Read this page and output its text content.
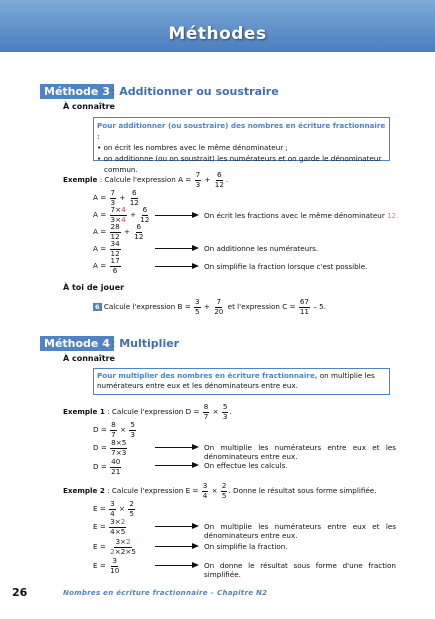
Méthodes
Méthode 3 : Additionner ou soustraire
À connaître
Pour additionner (ou soustraire) des nombres en écriture fractionnaire :
• on écrit les nombres avec le même dénominateur ;
• on additionne (ou on soustrait) les numérateurs et on garde le dénominateur commun.
Exemple : Calcule l'expression $A = \frac{7}{3} + \frac{6}{12}$ .
$A = \frac{7}{3} + \frac{6}{12}$
$A = \frac{7\times 4}{3\times 4} + \frac{6}{12}$
$A = \frac{28}{12} + \frac{6}{12}$
$A = \frac{34}{12}$
$A = \frac{17}{6}$
On écrit les fractions avec le même dénominateur 12.
On additionne les numérateurs.
On simplifie la fraction lorsque c'est possible.
À toi de jouer
6 Calcule l'expression $B = \frac{3}{5} + \frac{7}{20}$ et l'expression $C = \frac{67}{11} - 5$.
Méthode 4 : Multiplier
À connaître
Pour multiplier des nombres en écriture fractionnaire, on multiplie les numérateurs entre eux et les dénominateurs entre eux.
Exemple 1 : Calcule l'expression $D = \frac{8}{7} \times \frac{5}{3}$ .
$D = \frac{8}{7} \times \frac{5}{3}$
$D = \frac{8\times 5}{7\times 3}$
$D = \frac{40}{21}$
On multiplie les numérateurs entre eux et les dénominateurs entre eux.
On effectue les calculs.
Exemple 2 : Calcule l'expression $E = \frac{3}{4} \times \frac{2}{5}$ . Donne le résultat sous forme simplifiée.
$E = \frac{3}{4} \times \frac{2}{5}$
$E = \frac{3\times 2}{4\times 5}$
$E = \frac{3\times 2}{2\times 2\times 5}$
$E = \frac{3}{10}$
On multiplie les numérateurs entre eux et les dénominateurs entre eux.
On simplifie la fraction.
On donne le résultat sous forme d'une fraction simplifiée.
26	Nombres en écriture fractionnaire – Chapitre N2
